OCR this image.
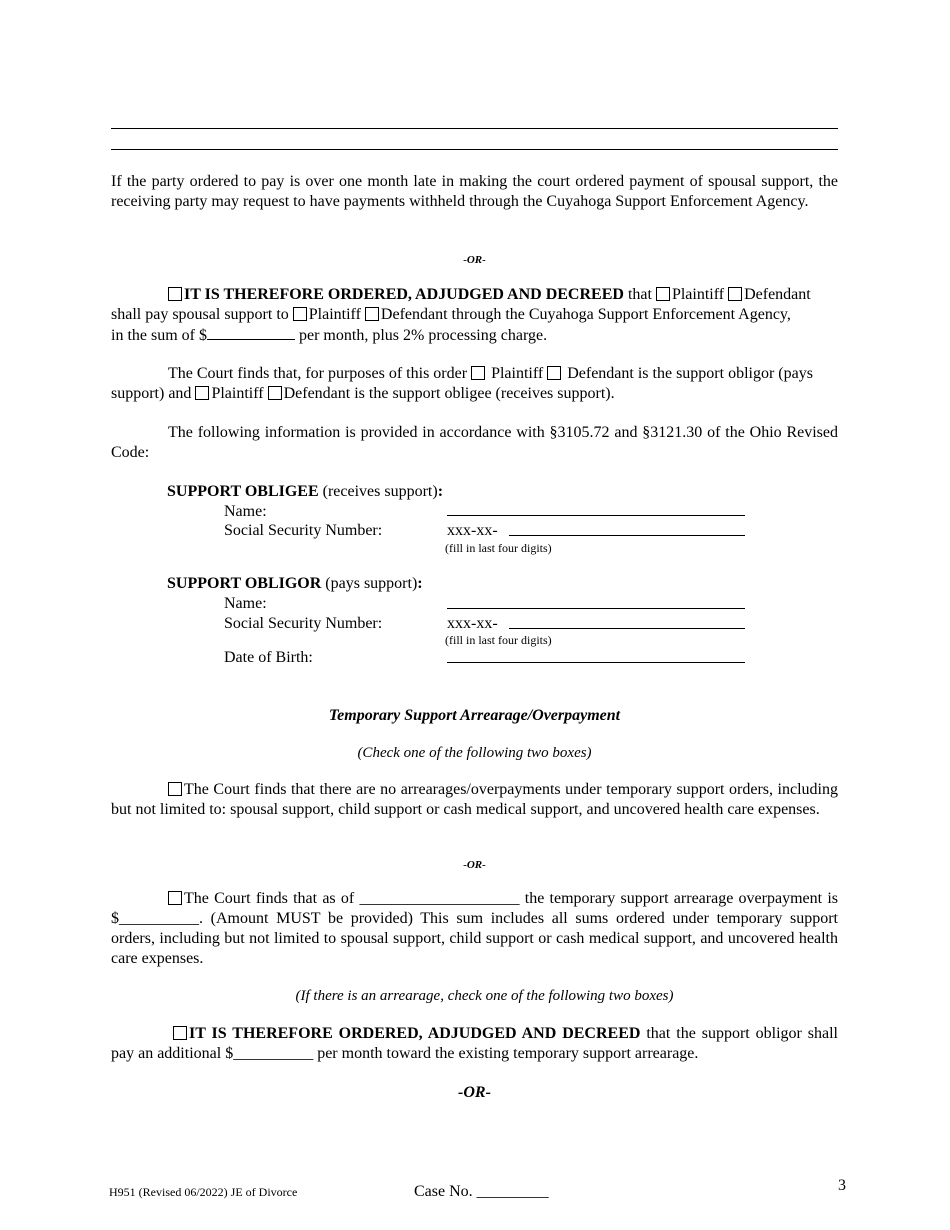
If the party ordered to pay is over one month late in making the court ordered payment of spousal support, the receiving party may request to have payments withheld through the Cuyahoga Support Enforcement Agency.
-OR-
IT IS THEREFORE ORDERED, ADJUDGED AND DECREED that Plaintiff Defendant
shall pay spousal support to Plaintiff Defendant through the Cuyahoga Support Enforcement Agency,
in the sum of $	per month, plus 2% processing charge.
The Court finds that, for purposes of this order  Plaintiff  Defendant is the support obligor (pays
support) and Plaintiff Defendant is the support obligee (receives support).
The following information is provided in accordance with §3105.72 and §3121.30 of the Ohio Revised Code:
SUPPORT OBLIGEE (receives support):
Name:
Social Security Number:	xxx-xx-
(fill in last four digits)
SUPPORT OBLIGOR (pays support):
Name:
Social Security Number:	xxx-xx-
(fill in last four digits)
Date of Birth:
Temporary Support Arrearage/Overpayment
(Check one of the following two boxes)
The Court finds that there are no arrearages/overpayments under temporary support orders, including but not limited to: spousal support, child support or cash medical support, and uncovered health care expenses.
-OR-
The Court finds that as of ____________________ the temporary support arrearage overpayment is $__________. (Amount MUST be provided) This sum includes all sums ordered under temporary support orders, including but not limited to spousal support, child support or cash medical support, and uncovered health care expenses.
(If there is an arrearage, check one of the following two boxes)
IT IS THEREFORE ORDERED, ADJUDGED AND DECREED that the support obligor shall pay an additional $__________ per month toward the existing temporary support arrearage.
-OR-
H951 (Revised 06/2022) JE of Divorce	Case No. _________	3
